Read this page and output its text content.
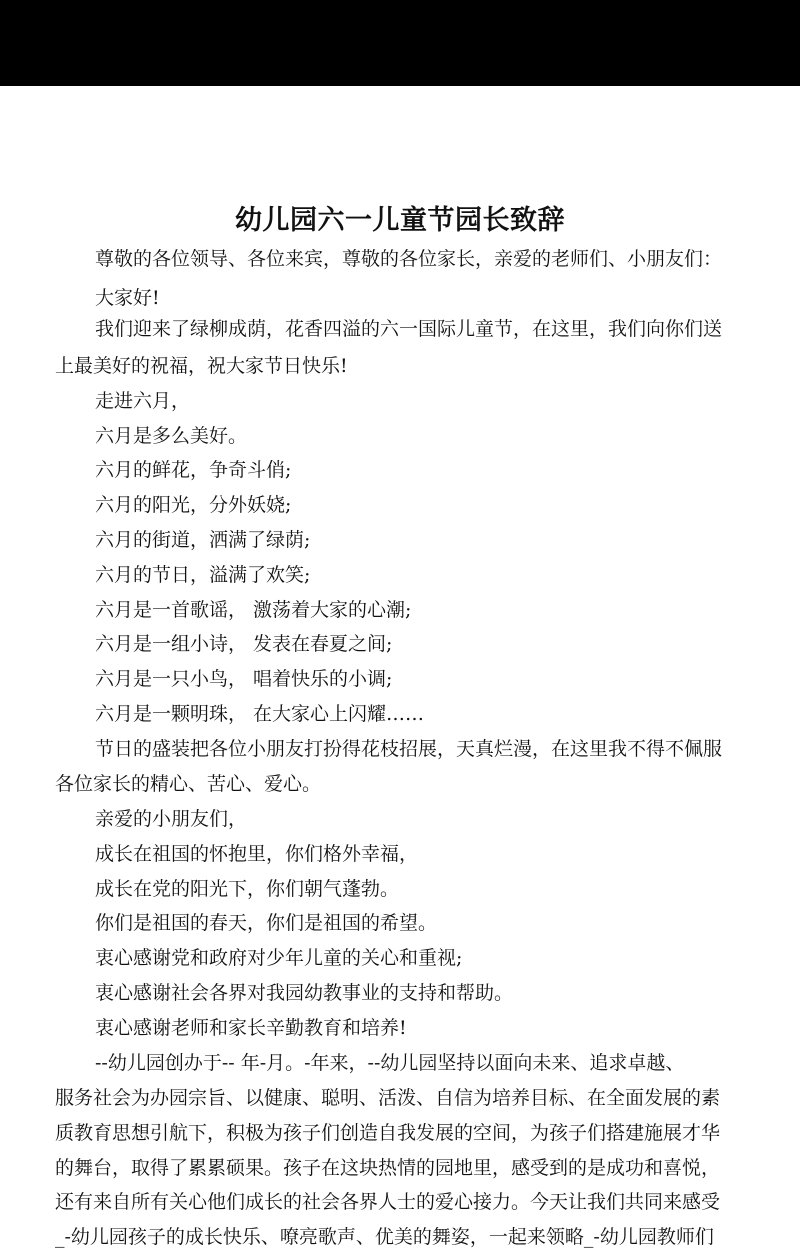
幼儿园六一儿童节园长致辞
尊敬的各位领导、各位来宾，尊敬的各位家长，亲爱的老师们、小朋友们：
大家好!
我们迎来了绿柳成荫，花香四溢的六一国际儿童节，在这里，我们向你们送
上最美好的祝福，祝大家节日快乐!
走进六月，
六月是多么美好。
六月的鲜花，争奇斗俏;
六月的阳光，分外妖娆;
六月的街道，洒满了绿荫;
六月的节日，溢满了欢笑;
六月是一首歌谣， 激荡着大家的心潮;
六月是一组小诗， 发表在春夏之间;
六月是一只小鸟， 唱着快乐的小调;
六月是一颗明珠， 在大家心上闪耀……
节日的盛装把各位小朋友打扮得花枝招展，天真烂漫，在这里我不得不佩服
各位家长的精心、苦心、爱心。
亲爱的小朋友们，
成长在祖国的怀抱里，你们格外幸福，
成长在党的阳光下，你们朝气蓬勃。
你们是祖国的春天，你们是祖国的希望。
衷心感谢党和政府对少年儿童的关心和重视;
衷心感谢社会各界对我园幼教事业的支持和帮助。
衷心感谢老师和家长辛勤教育和培养!
--幼儿园创办于-- 年-月。-年来，--幼儿园坚持以面向未来、追求卓越、
服务社会为办园宗旨、以健康、聪明、活泼、自信为培养目标、在全面发展的素
质教育思想引航下，积极为孩子们创造自我发展的空间，为孩子们搭建施展才华
的舞台，取得了累累硕果。孩子在这块热情的园地里，感受到的是成功和喜悦，
还有来自所有关心他们成长的社会各界人士的爱心接力。今天让我们共同来感受
_-幼儿园孩子的成长快乐、嘹亮歌声、优美的舞姿，一起来领略_-幼儿园教师们
